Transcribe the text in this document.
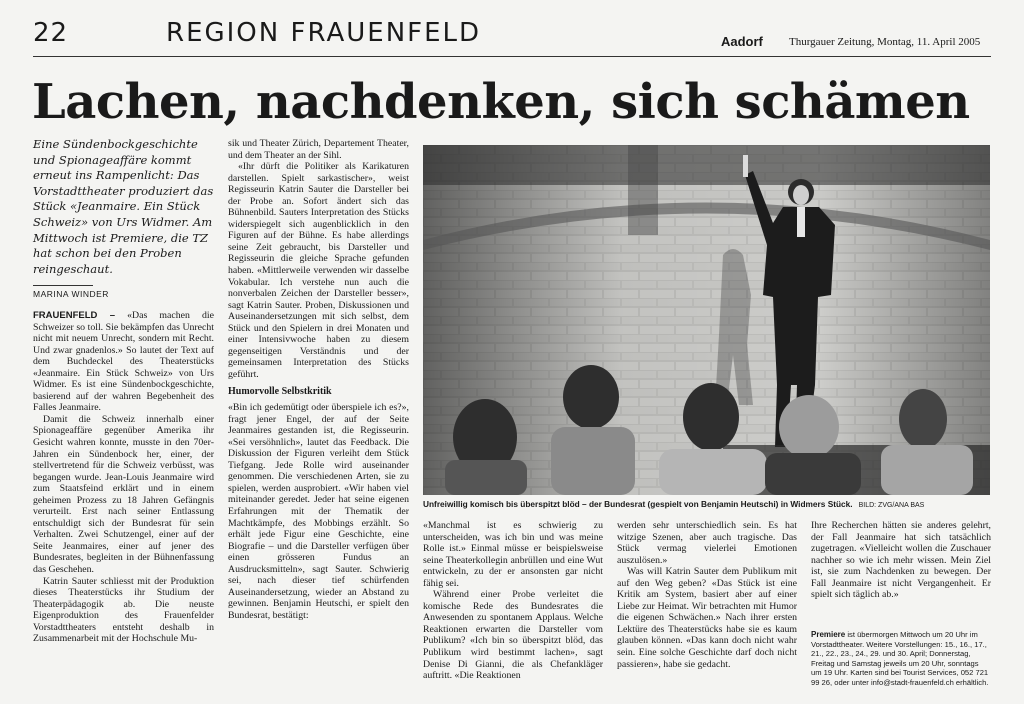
22	REGION FRAUENFELD	Aadorf Thurgauer Zeitung, Montag, 11. April 2005
Lachen, nachdenken, sich schämen
Eine Sündenbockgeschichte und Spionageaffäre kommt erneut ins Rampenlicht: Das Vorstadttheater produziert das Stück «Jeanmaire. Ein Stück Schweiz» von Urs Widmer. Am Mittwoch ist Premiere, die TZ hat schon bei den Proben reingeschaut.
MARINA WINDER

FRAUENFELD – «Das machen die Schweizer so toll. Sie bekämpfen das Unrecht nicht mit neuem Unrecht, sondern mit Recht. Und zwar gnadenlos.» So lautet der Text auf dem Buchdeckel des Theaterstücks «Jeanmaire. Ein Stück Schweiz» von Urs Widmer. Es ist eine Sündenbockgeschichte, basierend auf der wahren Begebenheit des Falles Jeanmaire.

Damit die Schweiz innerhalb einer Spionageaffäre gegenüber Amerika ihr Gesicht wahren konnte, musste in den 70er-Jahren ein Sündenbock her, einer, der stellvertretend für die Schweiz verbüsst, was begangen wurde. Jean-Louis Jeanmaire wird zum Staatsfeind erklärt und in einem geheimen Prozess zu 18 Jahren Gefängnis verurteilt. Erst nach seiner Entlassung entschuldigt sich der Bundesrat für sein Verhalten. Zwei Schutzengel, einer auf der Seite Jeanmaires, einer auf jener des Bundesrates, begleiten in der Bühnenfassung das Geschehen.

Katrin Sauter schliesst mit der Produktion dieses Theaterstücks ihr Studium der Theaterpädagogik ab. Die neuste Eigenproduktion des Frauenfelder Vorstadttheaters entsteht deshalb in Zusammenarbeit mit der Hochschule Mu-

sik und Theater Zürich, Departement Theater, und dem Theater an der Sihl.

«Ihr dürft die Politiker als Karikaturen darstellen. Spielt sarkastischer», weist Regisseurin Katrin Sauter die Darsteller bei der Probe an. Sofort ändert sich das Bühnenbild. Sauters Interpretation des Stücks widerspiegelt sich augenblicklich in den Figuren auf der Bühne. Es habe allerdings seine Zeit gebraucht, bis Darsteller und Regisseurin die gleiche Sprache gefunden haben. «Mittlerweile verwenden wir dasselbe Vokabular. Ich verstehe nun auch die nonverbalen Zeichen der Darsteller besser», sagt Katrin Sauter. Proben, Diskussionen und Auseinandersetzungen mit sich selbst, dem Stück und den Spielern in drei Monaten und einer Intensivwoche haben zu diesem gegenseitigen Verständnis und der gemeinsamen Interpretation des Stücks geführt.

Humorvolle Selbstkritik

«Bin ich gedemütigt oder überspiele ich es?», fragt jener Engel, der auf der Seite Jeanmaires gestanden ist, die Regisseurin. «Sei versöhnlich», lautet das Feedback. Die Diskussion der Figuren verleiht dem Stück Tiefgang. Jede Rolle wird auseinander genommen. Die verschiedenen Arten, sie zu spielen, werden ausprobiert. «Wir haben viel miteinander geredet. Jeder hat seine eigenen Erfahrungen mit der Thematik der Machtkämpfe, des Mobbings erzählt. So erhält jede Figur eine Geschichte, eine Biografie – und die Darsteller verfügen über einen grösseren Fundus an Ausdrucksmitteln», sagt Sauter. Schwierig sei, nach dieser tief schürfenden Auseinandersetzung, wieder an Abstand zu gewinnen. Benjamin Heutschi, er spielt den Bundesrat, bestätigt:

Unfreiwillig komisch bis überspitzt blöd – der Bundesrat (gespielt von Benjamin Heutschi) in Widmers Stück. BILD: ZVG/ANA BAS

«Manchmal ist es schwierig zu unterscheiden, was ich bin und was meine Rolle ist.» Einmal müsse er beispielsweise seine Theaterkollegin anbrüllen und eine Wut entwickeln, zu der er ansonsten gar nicht fähig sei.

Während einer Probe verleitet die komische Rede des Bundesrates die Anwesenden zu spontanem Applaus. Welche Reaktionen erwarten die Darsteller vom Publikum? «Ich bin so überspitzt blöd, das Publikum wird bestimmt lachen», sagt Denise Di Gianni, die als Chefankläger auftritt. «Die Reaktionen

werden sehr unterschiedlich sein. Es hat witzige Szenen, aber auch tragische. Das Stück vermag vielerlei Emotionen auszulösen.»

Was will Katrin Sauter dem Publikum mit auf den Weg geben? «Das Stück ist eine Kritik am System, basiert aber auf einer Liebe zur Heimat. Wir betrachten mit Humor die eigenen Schwächen.» Nach ihrer ersten Lektüre des Theaterstücks habe sie es kaum glauben können. «Das kann doch nicht wahr sein. Eine solche Geschichte darf doch nicht passieren», habe sie gedacht.

Ihre Recherchen hätten sie anderes gelehrt, der Fall Jeanmaire hat sich tatsächlich zugetragen. «Vielleicht wollen die Zuschauer nachher so wie ich mehr wissen. Mein Ziel ist, sie zum Nachdenken zu bewegen. Der Fall Jeanmaire ist nicht Vergangenheit. Er spielt sich täglich ab.»

Premiere ist übermorgen Mittwoch um 20 Uhr im Vorstadttheater. Weitere Vorstellungen: 15., 16., 17., 21., 22., 23., 24., 29. und 30. April; Donnerstag, Freitag und Samstag jeweils um 20 Uhr, sonntags um 19 Uhr. Karten sind bei Tourist Services, 052 721 99 26, oder unter info@stadt-frauenfeld.ch erhältlich.
